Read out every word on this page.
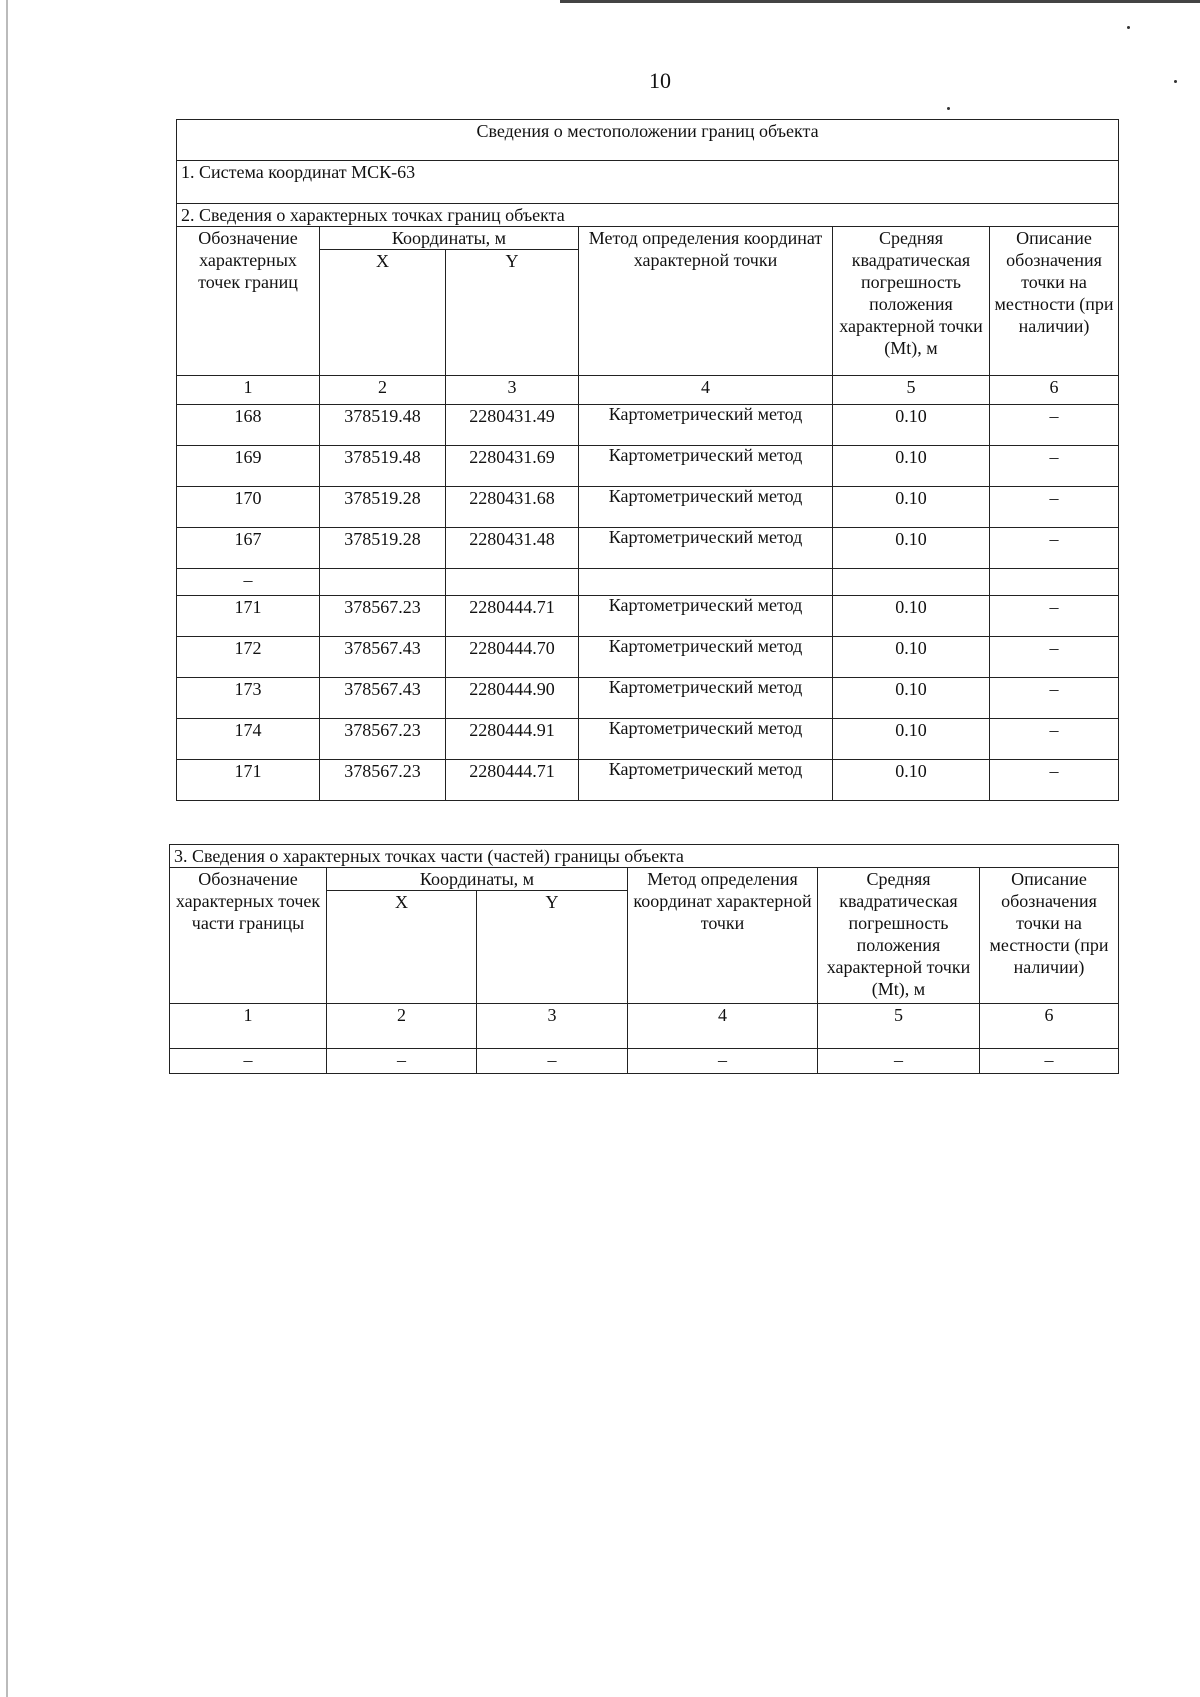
10
Сведения о местоположении границ объекта					
1. Система координат МСК-63					
2. Сведения о характерных точках границ объекта					
Обозначение характерных точек границ	Координаты, м		Метод определения координат характерной точки	Средняя квадратическая погрешность положения характерной точки (Mt), м	Описание обозначения точки на местности (при наличии)
	X	Y			
1	2	3	4	5	6
168	378519.48	2280431.49	Картометрический метод	0.10	–
169	378519.48	2280431.69	Картометрический метод	0.10	–
170	378519.28	2280431.68	Картометрический метод	0.10	–
167	378519.28	2280431.48	Картометрический метод	0.10	–
–					
171	378567.23	2280444.71	Картометрический метод	0.10	–
172	378567.43	2280444.70	Картометрический метод	0.10	–
173	378567.43	2280444.90	Картометрический метод	0.10	–
174	378567.23	2280444.91	Картометрический метод	0.10	–
171	378567.23	2280444.71	Картометрический метод	0.10	–
3. Сведения о характерных точках части (частей) границы объекта					
Обозначение характерных точек части границы	Координаты, м		Метод определения координат характерной точки	Средняя квадратическая погрешность положения характерной точки (Mt), м	Описание обозначения точки на местности (при наличии)
	X	Y			
1	2	3	4	5	6
–	–	–	–	–	–
